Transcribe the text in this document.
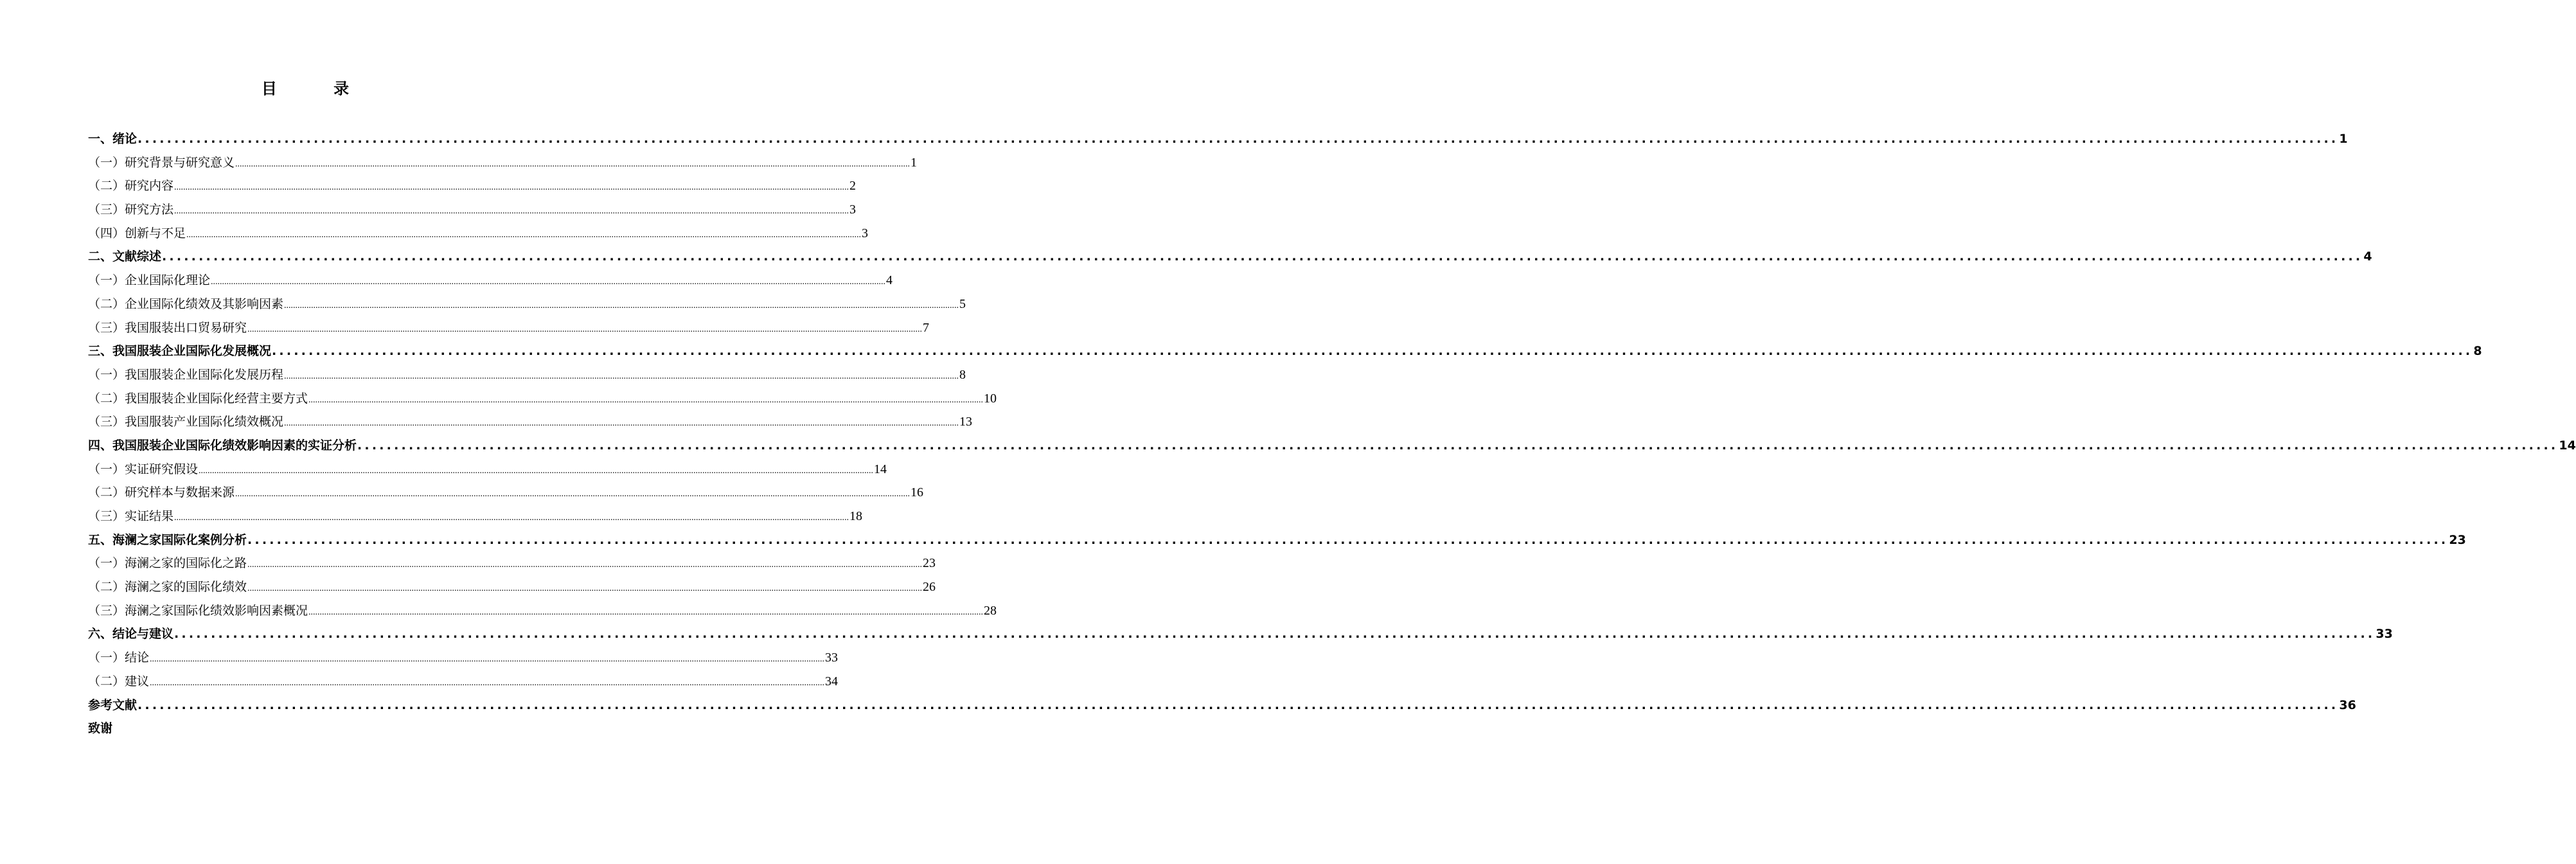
目 录
一、绪论 ............................................................................................................................................................................................................................................................................................................ 1
（一）研究背景与研究意义 ............................................................................................................................................................................................................................................................................................................ 1
（二）研究内容 ............................................................................................................................................................................................................................................................................................................ 2
（三）研究方法 ............................................................................................................................................................................................................................................................................................................ 3
（四）创新与不足 ............................................................................................................................................................................................................................................................................................................ 3
二、文献综述 ............................................................................................................................................................................................................................................................................................................ 4
（一）企业国际化理论 ............................................................................................................................................................................................................................................................................................................ 4
（二）企业国际化绩效及其影响因素 ............................................................................................................................................................................................................................................................................................................ 5
（三）我国服装出口贸易研究 ............................................................................................................................................................................................................................................................................................................ 7
三、我国服装企业国际化发展概况 ............................................................................................................................................................................................................................................................................................................ 8
（一）我国服装企业国际化发展历程 ............................................................................................................................................................................................................................................................................................................ 8
（二）我国服装企业国际化经营主要方式 ............................................................................................................................................................................................................................................................................................................ 10
（三）我国服装产业国际化绩效概况 ............................................................................................................................................................................................................................................................................................................ 13
四、我国服装企业国际化绩效影响因素的实证分析 ............................................................................................................................................................................................................................................................................................................ 14
（一）实证研究假设 ............................................................................................................................................................................................................................................................................................................ 14
（二）研究样本与数据来源 ............................................................................................................................................................................................................................................................................................................ 16
（三）实证结果 ............................................................................................................................................................................................................................................................................................................ 18
五、海澜之家国际化案例分析 ............................................................................................................................................................................................................................................................................................................ 23
（一）海澜之家的国际化之路 ............................................................................................................................................................................................................................................................................................................ 23
（二）海澜之家的国际化绩效 ............................................................................................................................................................................................................................................................................................................ 26
（三）海澜之家国际化绩效影响因素概况 ............................................................................................................................................................................................................................................................................................................ 28
六、结论与建议 ............................................................................................................................................................................................................................................................................................................ 33
（一）结论 ............................................................................................................................................................................................................................................................................................................ 33
（二）建议 ............................................................................................................................................................................................................................................................................................................ 34
参考文献 ............................................................................................................................................................................................................................................................................................................ 36
致谢
